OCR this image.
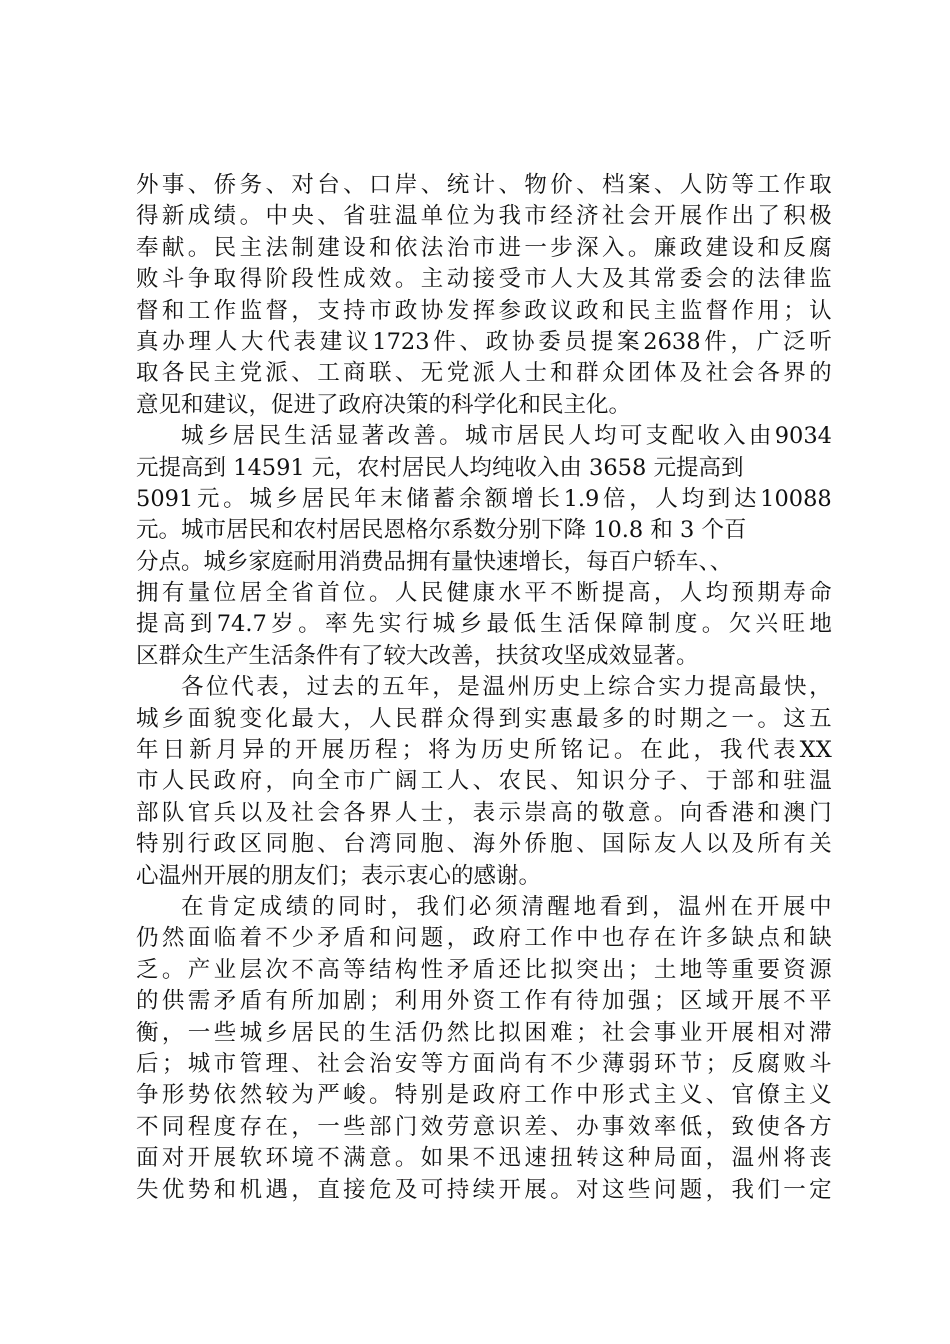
外 事 、 侨 务 、 对 台 、 口 岸 、 统 计 、 物 价 、 档 案 、 人 防 等 工 作 取
得 新 成 绩 。 中 央 、 省 驻 温 单 位 为 我 市 经 济 社 会 开 展 作 出 了 积 极
奉 献 。 民 主 法 制 建 设 和 依 法 治 市 进 一 步 深 入 。 廉 政 建 设 和 反 腐
败 斗 争 取 得 阶 段 性 成 效 。 主 动 接 受 市 人 大 及 其 常 委 会 的 法 律 监
督 和 工 作 监 督 ， 支 持 市 政 协 发 挥 参 政 议 政 和 民 主 监 督 作 用 ； 认
真 办 理 人 大 代 表 建 议 1723 件 、 政 协 委 员 提 案 2638 件 ， 广 泛 听
取 各 民 主 党 派 、 工 商 联 、 无 党 派 人 士 和 群 众 团 体 及 社 会 各 界 的
意见和建议，促进了政府决策的科学化和民主化。
城 乡 居 民 生 活 显 著 改 善 。 城 市 居 民 人 均 可 支 配 收 入 由 9034
元提高到 14591 元，农村居民人均纯收入由 3658 元提高到
5091 元 。 城 乡 居 民 年 末 储 蓄 余 额 增 长 1.9 倍 ， 人 均 到 达 10088
元。城市居民和农村居民恩格尔系数分别下降 10.8 和 3 个百
分点。城乡家庭耐用消费品拥有量快速增长，每百户轿车、、
拥 有 量 位 居 全 省 首 位 。 人 民 健 康 水 平 不 断 提 高 ， 人 均 预 期 寿 命
提 高 到 74.7 岁 。 率 先 实 行 城 乡 最 低 生 活 保 障 制 度 。 欠 兴 旺 地
区群众生产生活条件有了较大改善，扶贫攻坚成效显著。
各 位 代 表 ， 过 去 的 五 年 ， 是 温 州 历 史 上 综 合 实 力 提 高 最 快 ，
城 乡 面 貌 变 化 最 大 ， 人 民 群 众 得 到 实 惠 最 多 的 时 期 之 一 。 这 五
年 日 新 月 异 的 开 展 历 程 ； 将 为 历 史 所 铭 记 。 在 此 ， 我 代 表 XX
市 人 民 政 府 ， 向 全 市 广 阔 工 人 、 农 民 、 知 识 分 子 、 于 部 和 驻 温
部 队 官 兵 以 及 社 会 各 界 人 士 ， 表 示 崇 高 的 敬 意 。 向 香 港 和 澳 门
特 别 行 政 区 同 胞 、 台 湾 同 胞 、 海 外 侨 胞 、 国 际 友 人 以 及 所 有 关
心温州开展的朋友们；表示衷心的感谢。
在 肯 定 成 绩 的 同 时 ， 我 们 必 须 清 醒 地 看 到 ， 温 州 在 开 展 中
仍 然 面 临 着 不 少 矛 盾 和 问 题 ， 政 府 工 作 中 也 存 在 许 多 缺 点 和 缺
乏 。 产 业 层 次 不 高 等 结 构 性 矛 盾 还 比 拟 突 出 ； 土 地 等 重 要 资 源
的 供 需 矛 盾 有 所 加 剧 ； 利 用 外 资 工 作 有 待 加 强 ； 区 域 开 展 不 平
衡 ， 一 些 城 乡 居 民 的 生 活 仍 然 比 拟 困 难 ； 社 会 事 业 开 展 相 对 滞
后 ； 城 市 管 理 、 社 会 治 安 等 方 面 尚 有 不 少 薄 弱 环 节 ； 反 腐 败 斗
争 形 势 依 然 较 为 严 峻 。 特 别 是 政 府 工 作 中 形 式 主 义 、 官 僚 主 义
不 同 程 度 存 在 ， 一 些 部 门 效 劳 意 识 差 、 办 事 效 率 低 ， 致 使 各 方
面 对 开 展 软 环 境 不 满 意 。 如 果 不 迅 速 扭 转 这 种 局 面 ， 温 州 将 丧
失 优 势 和 机 遇 ， 直 接 危 及 可 持 续 开 展 。 对 这 些 问 题 ， 我 们 一 定
